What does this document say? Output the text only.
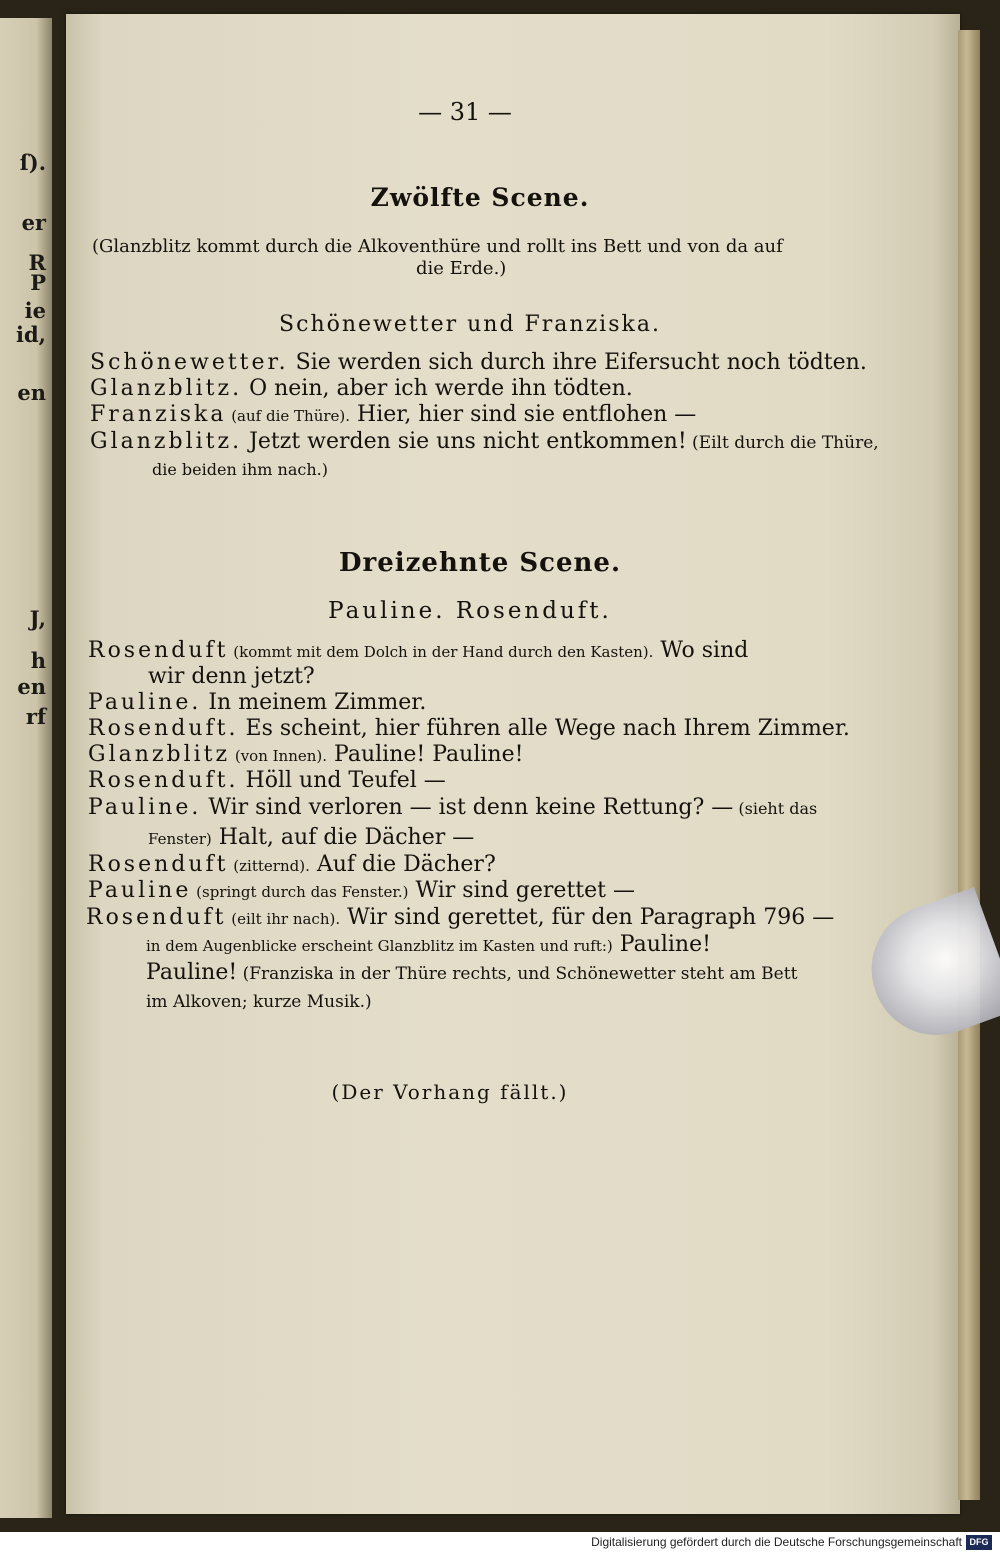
ſ).
er
R
P
ie
id,
en
J,
h
en
rf
— 31 —
Zwölfte Scene.
(Glanzblitz kommt durch die Alkoventhüre und rollt ins Bett und von da auf
die Erde.)
Schönewetter und Franziska.
Schönewetter. Sie werden sich durch ihre Eifersucht noch tödten.
Glanzblitz. O nein, aber ich werde ihn tödten.
Franziska (auf die Thüre). Hier, hier sind sie entflohen —
Glanzblitz. Jetzt werden sie uns nicht entkommen! (Eilt durch die Thüre,
die beiden ihm nach.)
Dreizehnte Scene.
Pauline. Rosenduft.
Rosenduft (kommt mit dem Dolch in der Hand durch den Kasten). Wo sind
wir denn jetzt?
Pauline. In meinem Zimmer.
Rosenduft. Es scheint, hier führen alle Wege nach Ihrem Zimmer.
Glanzblitz (von Innen). Pauline! Pauline!
Rosenduft. Höll und Teufel —
Pauline. Wir sind verloren — ist denn keine Rettung? — (sieht das
Fenster) Halt, auf die Dächer —
Rosenduft (zitternd). Auf die Dächer?
Pauline (springt durch das Fenster.) Wir sind gerettet —
Rosenduft (eilt ihr nach). Wir sind gerettet, für den Paragraph 796 —
in dem Augenblicke erscheint Glanzblitz im Kasten und ruft:) Pauline!
Pauline! (Franziska in der Thüre rechts, und Schönewetter steht am Bett
im Alkoven; kurze Musik.)
(Der Vorhang fällt.)
Digitalisierung gefördert durch die Deutsche Forschungsgemeinschaft DFG
